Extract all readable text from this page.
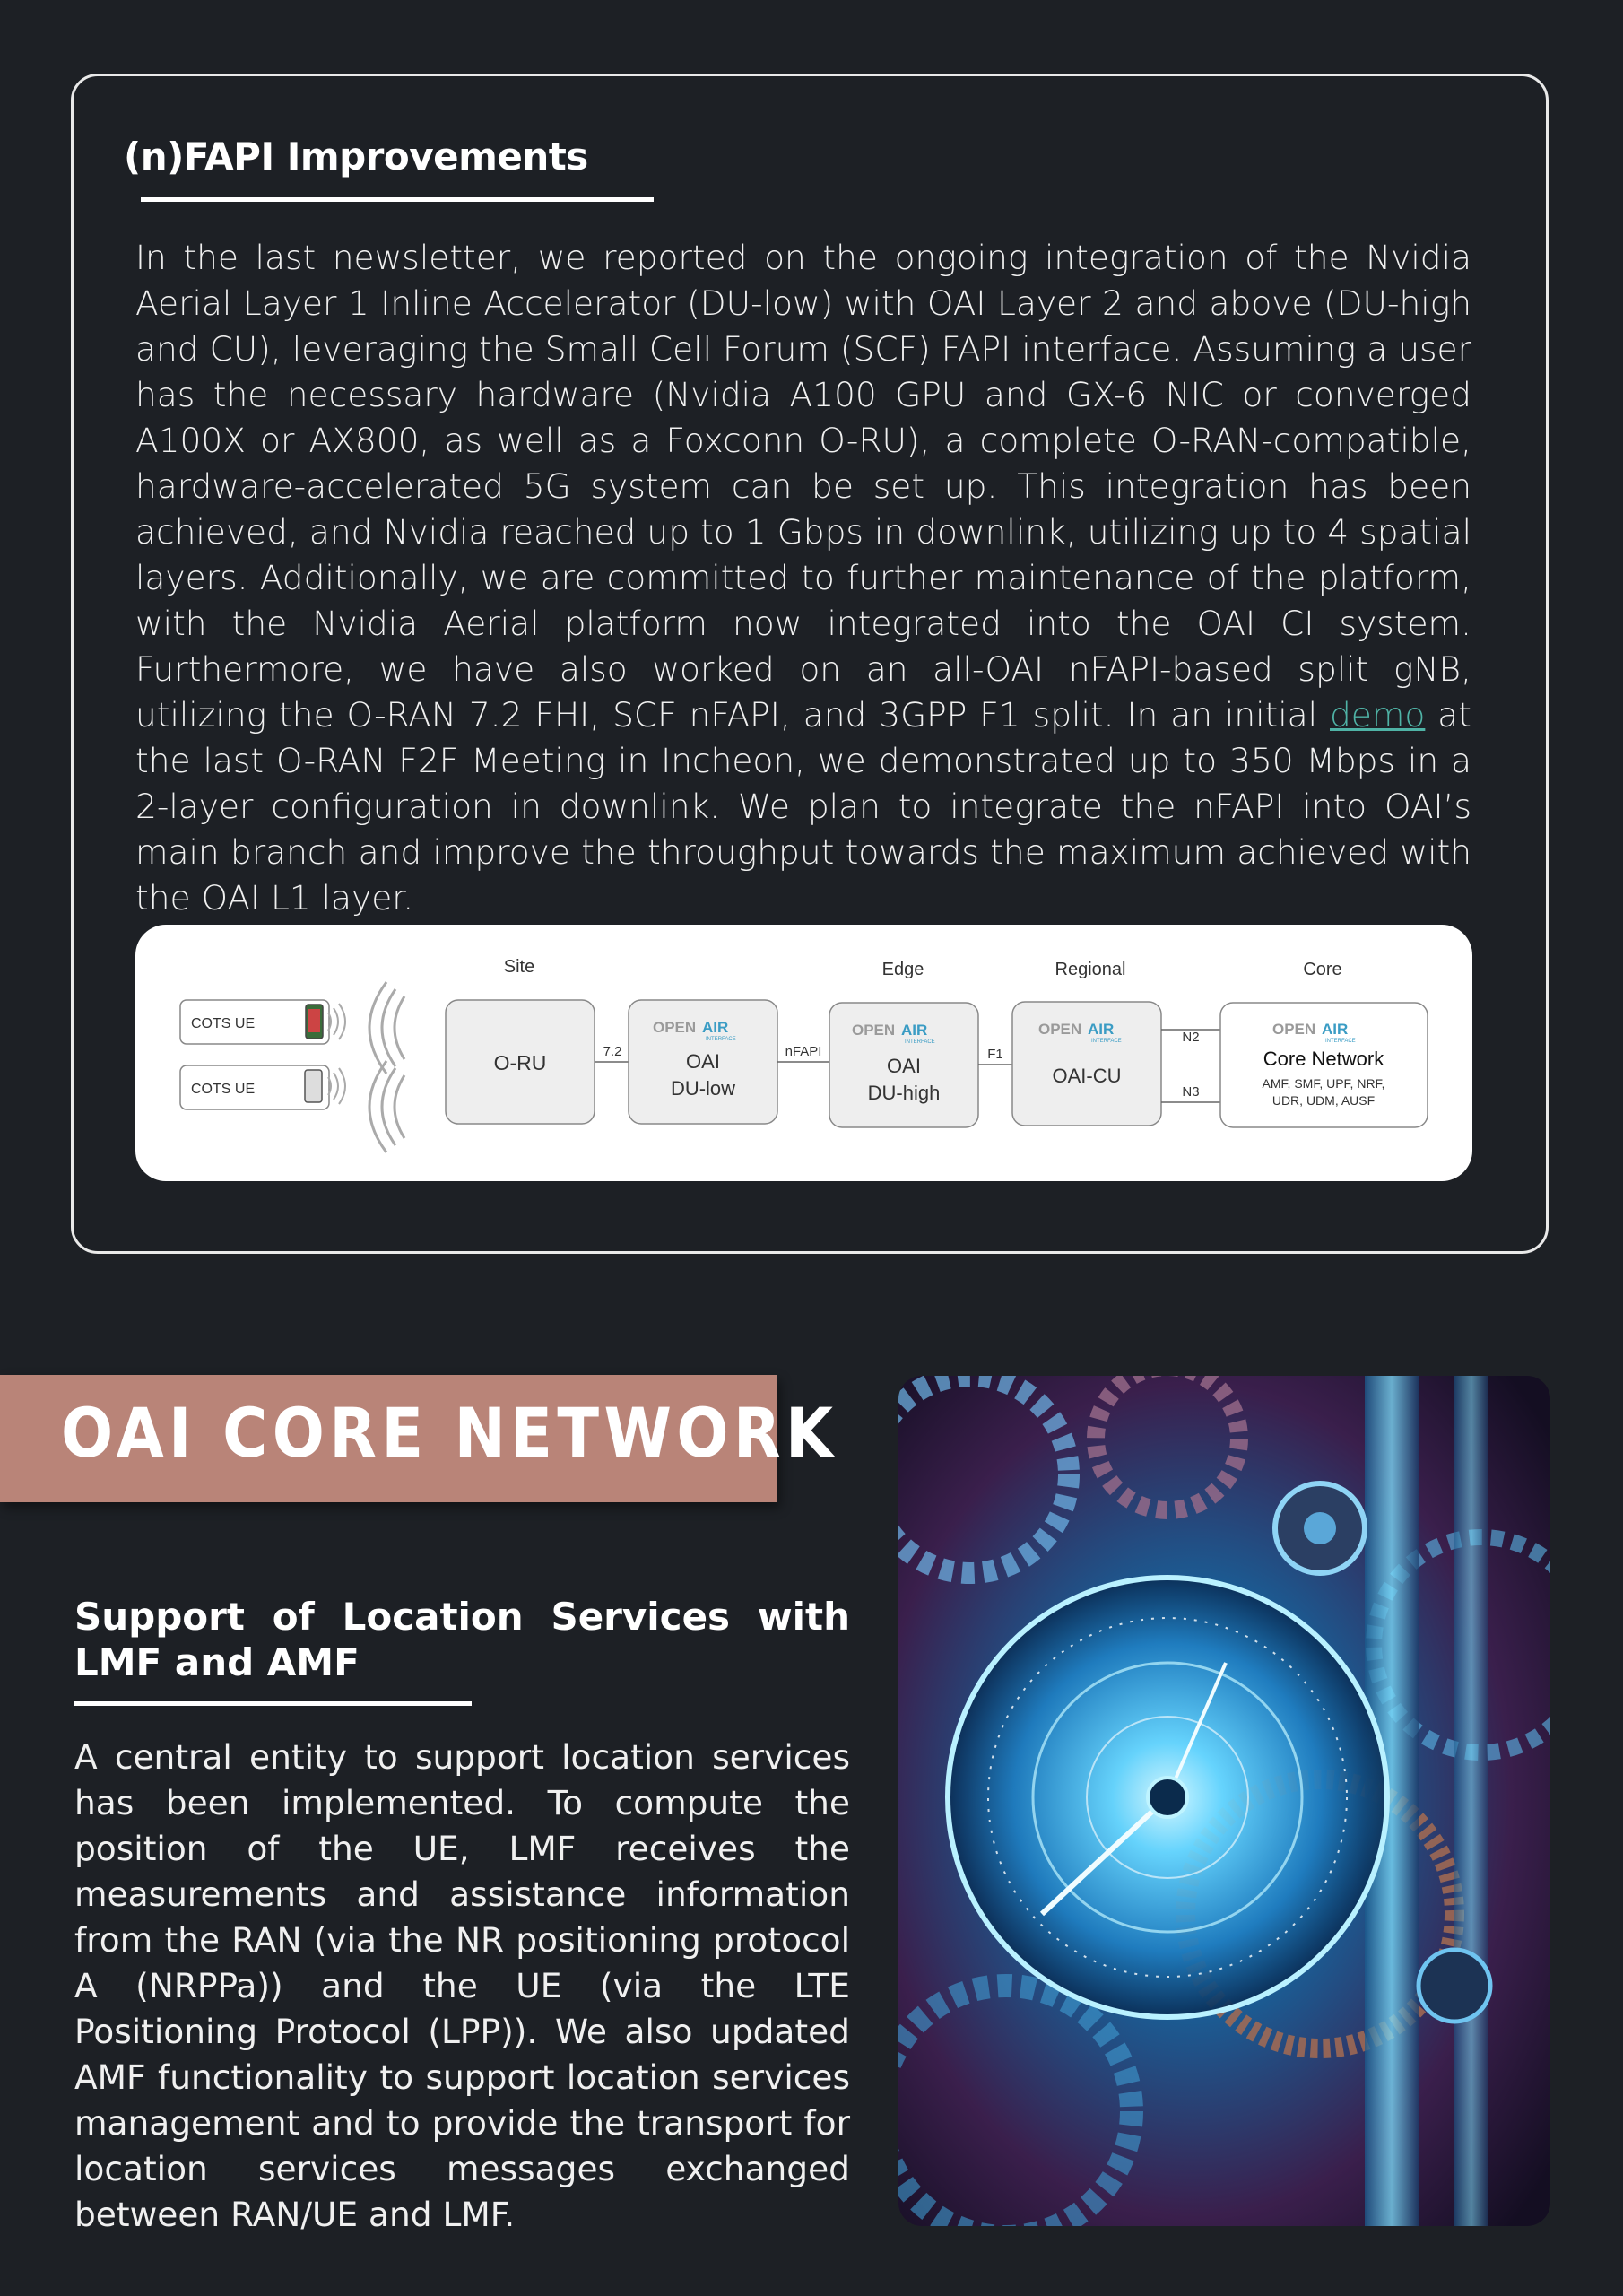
(n)FAPI Improvements

In the last newsletter, we reported on the ongoing integration of the Nvidia Aerial Layer 1 Inline Accelerator (DU-low) with OAI Layer 2 and above (DU-high and CU), leveraging the Small Cell Forum (SCF) FAPI interface. Assuming a user has the necessary hardware (Nvidia A100 GPU and GX-6 NIC or converged A100X or AX800, as well as a Foxconn O-RU), a complete O-RAN-compatible, hardware-accelerated 5G system can be set up. This integration has been achieved, and Nvidia reached up to 1 Gbps in downlink, utilizing up to 4 spatial layers. Additionally, we are committed to further maintenance of the platform, with the Nvidia Aerial platform now integrated into the OAI CI system. Furthermore, we have also worked on an all-OAI nFAPI-based split gNB, utilizing the O-RAN 7.2 FHI, SCF nFAPI, and 3GPP F1 split. In an initial demo at the last O-RAN F2F Meeting in Incheon, we demonstrated up to 350 Mbps in a 2-layer configuration in downlink. We plan to integrate the nFAPI into OAI’s main branch and improve the throughput towards the maximum achieved with the OAI L1 layer.

Site	Edge	Regional	Core
COTS UE
COTS UE
O-RU	7.2
OPEN AIR
INTERFACE
OAI
DU-low
nFAPI
OPEN AIR
INTERFACE
OAI
DU-high
F1
OPEN AIR
INTERFACE
OAI-CU
N2
N3
OPEN AIR
INTERFACE
Core Network
AMF, SMF, UPF, NRF,
UDR, UDM, AUSF
OAI CORE NETWORK
Support of Location Services with LMF and AMF

A central entity to support location services has been implemented. To compute the position of the UE, LMF receives the measurements and assistance information from the RAN (via the NR positioning protocol A (NRPPa)) and the UE (via the LTE Positioning Protocol (LPP)). We also updated AMF functionality to support location services management and to provide the transport for location services messages exchanged between RAN/UE and LMF.
